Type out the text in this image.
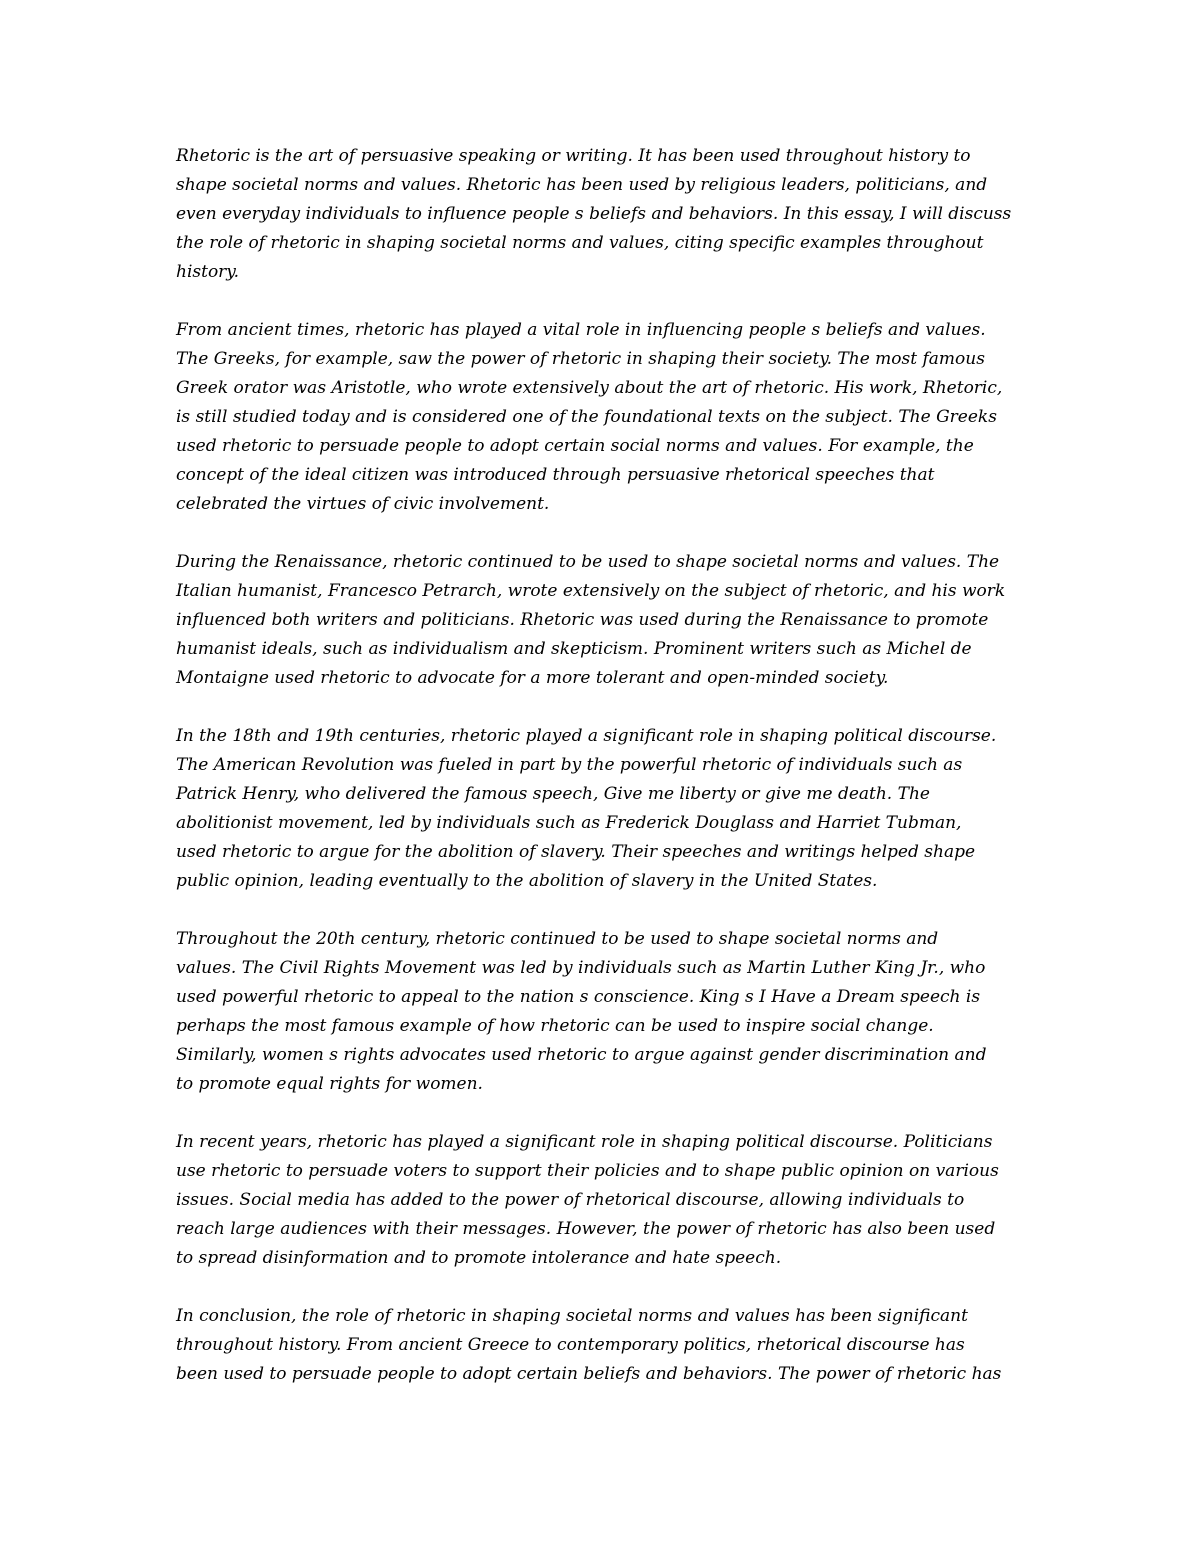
Rhetoric is the art of persuasive speaking or writing. It has been used throughout history to
shape societal norms and values. Rhetoric has been used by religious leaders, politicians, and
even everyday individuals to influence people s beliefs and behaviors. In this essay, I will discuss
the role of rhetoric in shaping societal norms and values, citing specific examples throughout
history.

From ancient times, rhetoric has played a vital role in influencing people s beliefs and values.
The Greeks, for example, saw the power of rhetoric in shaping their society. The most famous
Greek orator was Aristotle, who wrote extensively about the art of rhetoric. His work, Rhetoric,
is still studied today and is considered one of the foundational texts on the subject. The Greeks
used rhetoric to persuade people to adopt certain social norms and values. For example, the
concept of the ideal citizen was introduced through persuasive rhetorical speeches that
celebrated the virtues of civic involvement.

During the Renaissance, rhetoric continued to be used to shape societal norms and values. The
Italian humanist, Francesco Petrarch, wrote extensively on the subject of rhetoric, and his work
influenced both writers and politicians. Rhetoric was used during the Renaissance to promote
humanist ideals, such as individualism and skepticism. Prominent writers such as Michel de
Montaigne used rhetoric to advocate for a more tolerant and open-minded society.

In the 18th and 19th centuries, rhetoric played a significant role in shaping political discourse.
The American Revolution was fueled in part by the powerful rhetoric of individuals such as
Patrick Henry, who delivered the famous speech, Give me liberty or give me death. The
abolitionist movement, led by individuals such as Frederick Douglass and Harriet Tubman,
used rhetoric to argue for the abolition of slavery. Their speeches and writings helped shape
public opinion, leading eventually to the abolition of slavery in the United States.

Throughout the 20th century, rhetoric continued to be used to shape societal norms and
values. The Civil Rights Movement was led by individuals such as Martin Luther King Jr., who
used powerful rhetoric to appeal to the nation s conscience. King s I Have a Dream speech is
perhaps the most famous example of how rhetoric can be used to inspire social change.
Similarly, women s rights advocates used rhetoric to argue against gender discrimination and
to promote equal rights for women.

In recent years, rhetoric has played a significant role in shaping political discourse. Politicians
use rhetoric to persuade voters to support their policies and to shape public opinion on various
issues. Social media has added to the power of rhetorical discourse, allowing individuals to
reach large audiences with their messages. However, the power of rhetoric has also been used
to spread disinformation and to promote intolerance and hate speech.

In conclusion, the role of rhetoric in shaping societal norms and values has been significant
throughout history. From ancient Greece to contemporary politics, rhetorical discourse has
been used to persuade people to adopt certain beliefs and behaviors. The power of rhetoric has
